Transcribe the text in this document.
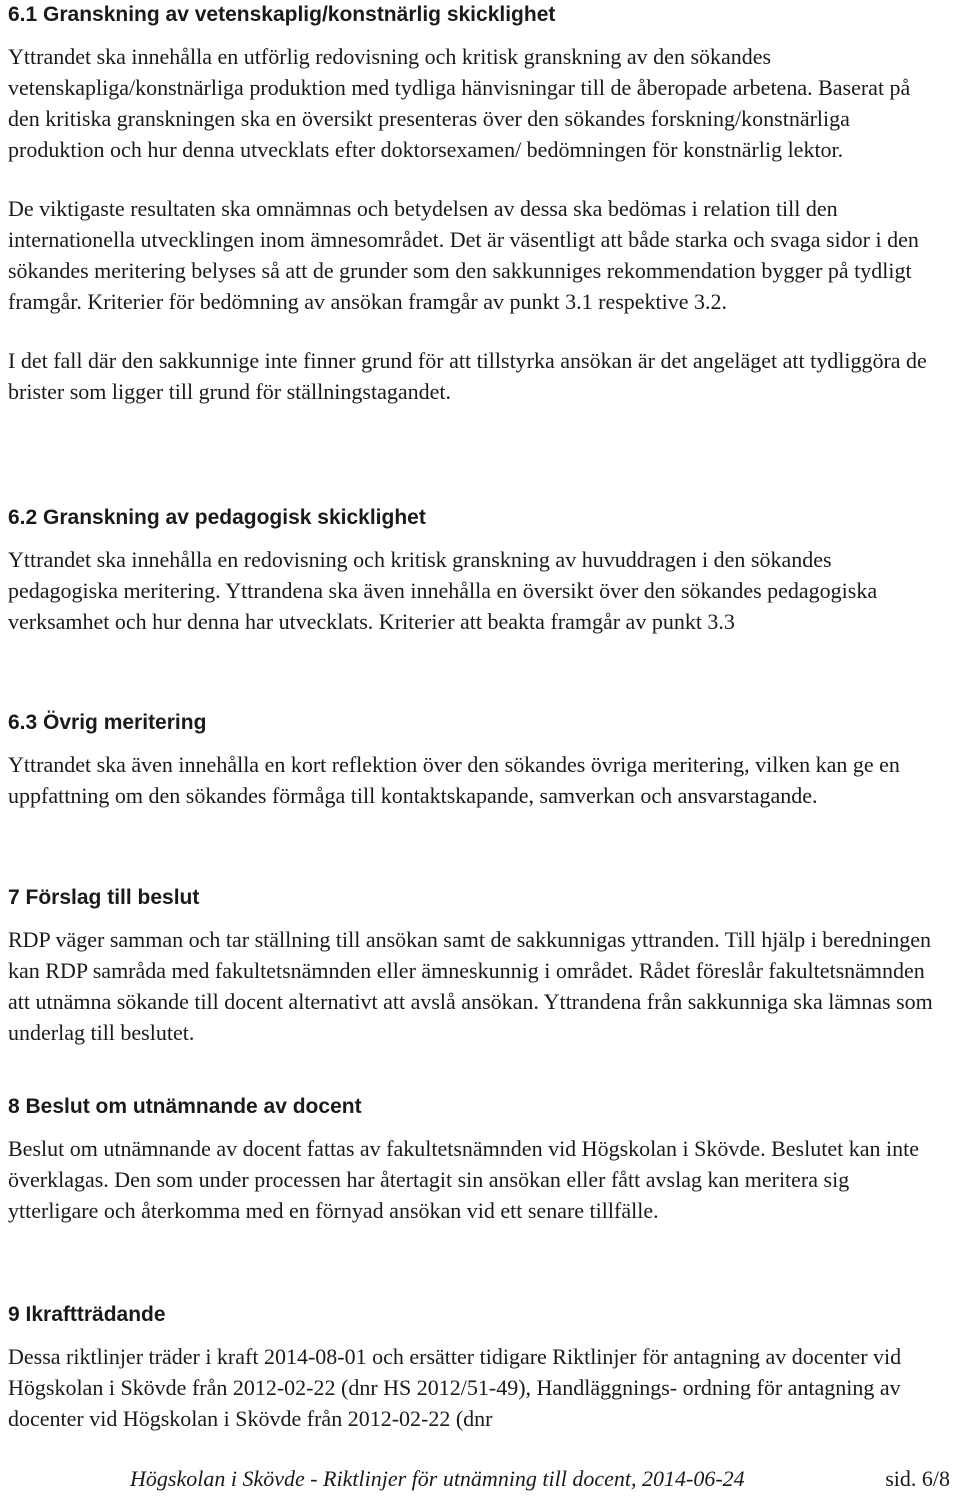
6.1 Granskning av vetenskaplig/konstnärlig skicklighet

Yttrandet ska innehålla en utförlig redovisning och kritisk granskning av den sökandes vetenskapliga/konstnärliga produktion med tydliga hänvisningar till de åberopade arbetena. Baserat på den kritiska granskningen ska en översikt presenteras över den sökandes forskning/konstnärliga produktion och hur denna utvecklats efter doktorsexamen/ bedömningen för konstnärlig lektor.

De viktigaste resultaten ska omnämnas och betydelsen av dessa ska bedömas i relation till den internationella utvecklingen inom ämnesområdet. Det är väsentligt att både starka och svaga sidor i den sökandes meritering belyses så att de grunder som den sakkunniges rekommendation bygger på tydligt framgår. Kriterier för bedömning av ansökan framgår av punkt 3.1 respektive 3.2.

I det fall där den sakkunnige inte finner grund för att tillstyrka ansökan är det angeläget att tydliggöra de brister som ligger till grund för ställningstagandet.

6.2 Granskning av pedagogisk skicklighet

Yttrandet ska innehålla en redovisning och kritisk granskning av huvuddragen i den sökandes pedagogiska meritering. Yttrandena ska även innehålla en översikt över den sökandes pedagogiska verksamhet och hur denna har utvecklats. Kriterier att beakta framgår av punkt 3.3

6.3 Övrig meritering

Yttrandet ska även innehålla en kort reflektion över den sökandes övriga meritering, vilken kan ge en uppfattning om den sökandes förmåga till kontaktskapande, samverkan och ansvarstagande.

7 Förslag till beslut

RDP väger samman och tar ställning till ansökan samt de sakkunnigas yttranden. Till hjälp i beredningen kan RDP samråda med fakultetsnämnden eller ämneskunnig i området. Rådet föreslår fakultetsnämnden att utnämna sökande till docent alternativt att avslå ansökan. Yttrandena från sakkunniga ska lämnas som underlag till beslutet.

8 Beslut om utnämnande av docent

Beslut om utnämnande av docent fattas av fakultetsnämnden vid Högskolan i Skövde. Beslutet kan inte överklagas. Den som under processen har återtagit sin ansökan eller fått avslag kan meritera sig ytterligare och återkomma med en förnyad ansökan vid ett senare tillfälle.

9 Ikraftträdande

Dessa riktlinjer träder i kraft 2014-08-01 och ersätter tidigare Riktlinjer för antagning av docenter vid Högskolan i Skövde från 2012-02-22 (dnr HS 2012/51-49), Handläggnings- ordning för antagning av docenter vid Högskolan i Skövde från 2012-02-22 (dnr

Högskolan i Skövde - Riktlinjer för utnämning till docent, 2014-06-24	sid. 6/8
